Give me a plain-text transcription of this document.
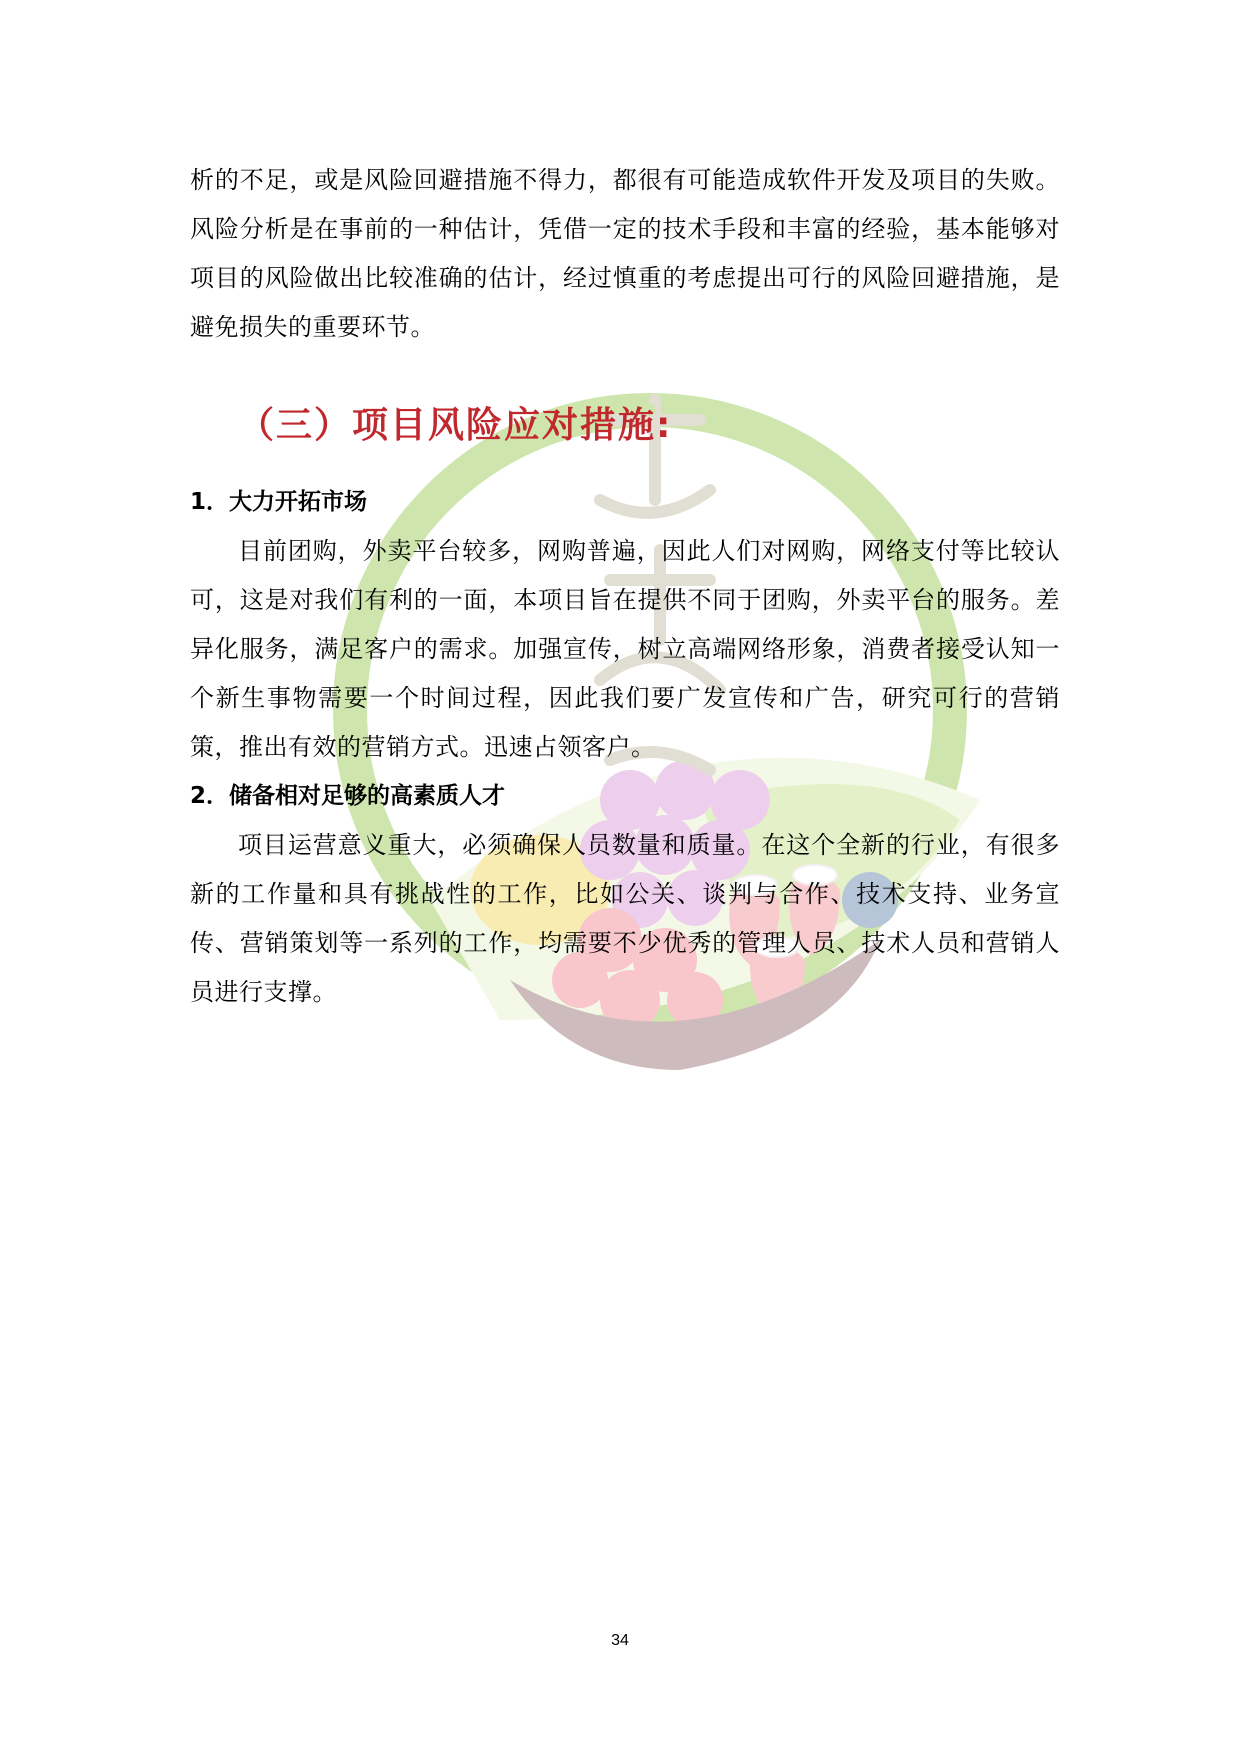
析的不足，或是风险回避措施不得力，都很有可能造成软件开发及项目的失败。风险分析是在事前的一种估计，凭借一定的技术手段和丰富的经验，基本能够对项目的风险做出比较准确的估计，经过慎重的考虑提出可行的风险回避措施，是避免损失的重要环节。

（三）项目风险应对措施:
1．大力开拓市场

目前团购，外卖平台较多，网购普遍，因此人们对网购，网络支付等比较认可，这是对我们有利的一面，本项目旨在提供不同于团购，外卖平台的服务。差异化服务，满足客户的需求。加强宣传，树立高端网络形象，消费者接受认知一个新生事物需要一个时间过程，因此我们要广发宣传和广告，研究可行的营销策，推出有效的营销方式。迅速占领客户。

2．储备相对足够的高素质人才

项目运营意义重大，必须确保人员数量和质量。在这个全新的行业，有很多新的工作量和具有挑战性的工作，比如公关、谈判与合作、技术支持、业务宣传、营销策划等一系列的工作，均需要不少优秀的管理人员、技术人员和营销人员进行支撑。

34
